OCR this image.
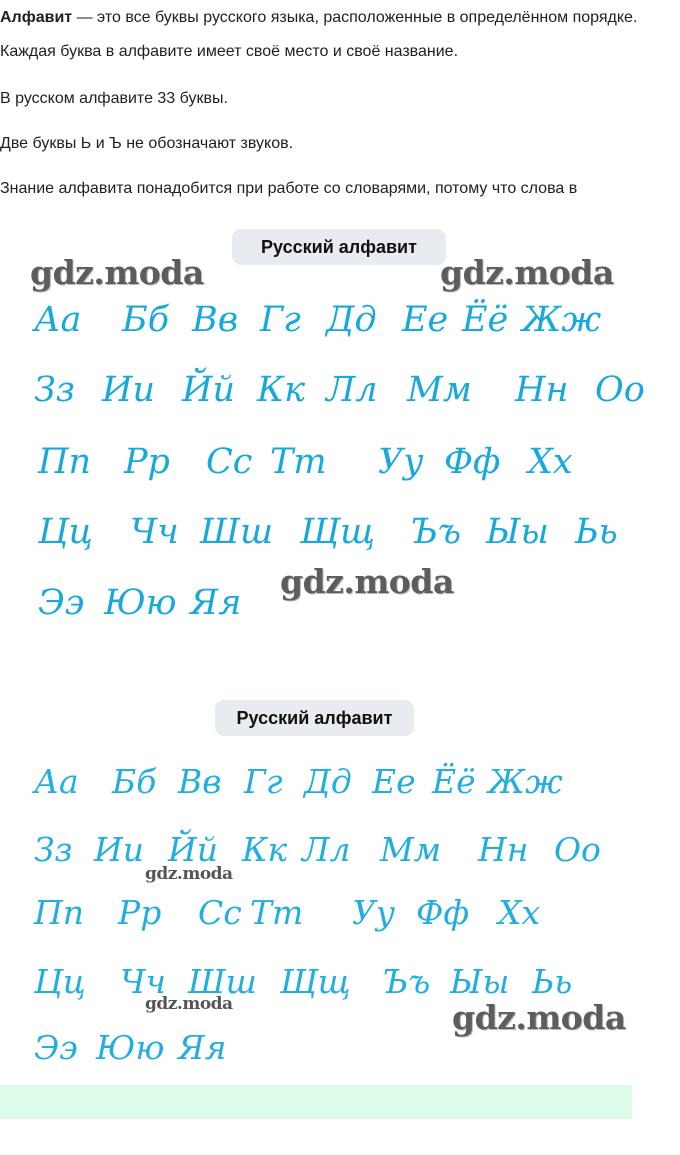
Алфавит — это все буквы русского языка, расположенные в определённом порядке. Каждая буква в алфавите имеет своё место и своё название.

В русском алфавите 33 буквы.

Две буквы Ь и Ъ не обозначают звуков.

Знание алфавита понадобится при работе со словарями, потому что слова в

Русский алфавит
Русский алфавит
Аа Бб Вв Гг Дд Ее Ёё Жж
Зз Ии Йй Кк Лл Мм Нн Оо
Пп Рр Сс Тт Уу Фф Хх
Цц Чч Шш Щщ Ъъ Ыы Ьь
Ээ Юю Яя
Аа Бб Вв Гг Дд Ее Ёё Жж
Зз Ии Йй Кк Лл Мм Нн Оо
Пп Рр Сс Тт Уу Фф Хх
Цц Чч Шш Щщ Ъъ Ыы Ьь
Ээ Юю Яя
gdz.moda	gdz.moda
gdz.moda
gdz.moda
gdz.moda	gdz.moda
